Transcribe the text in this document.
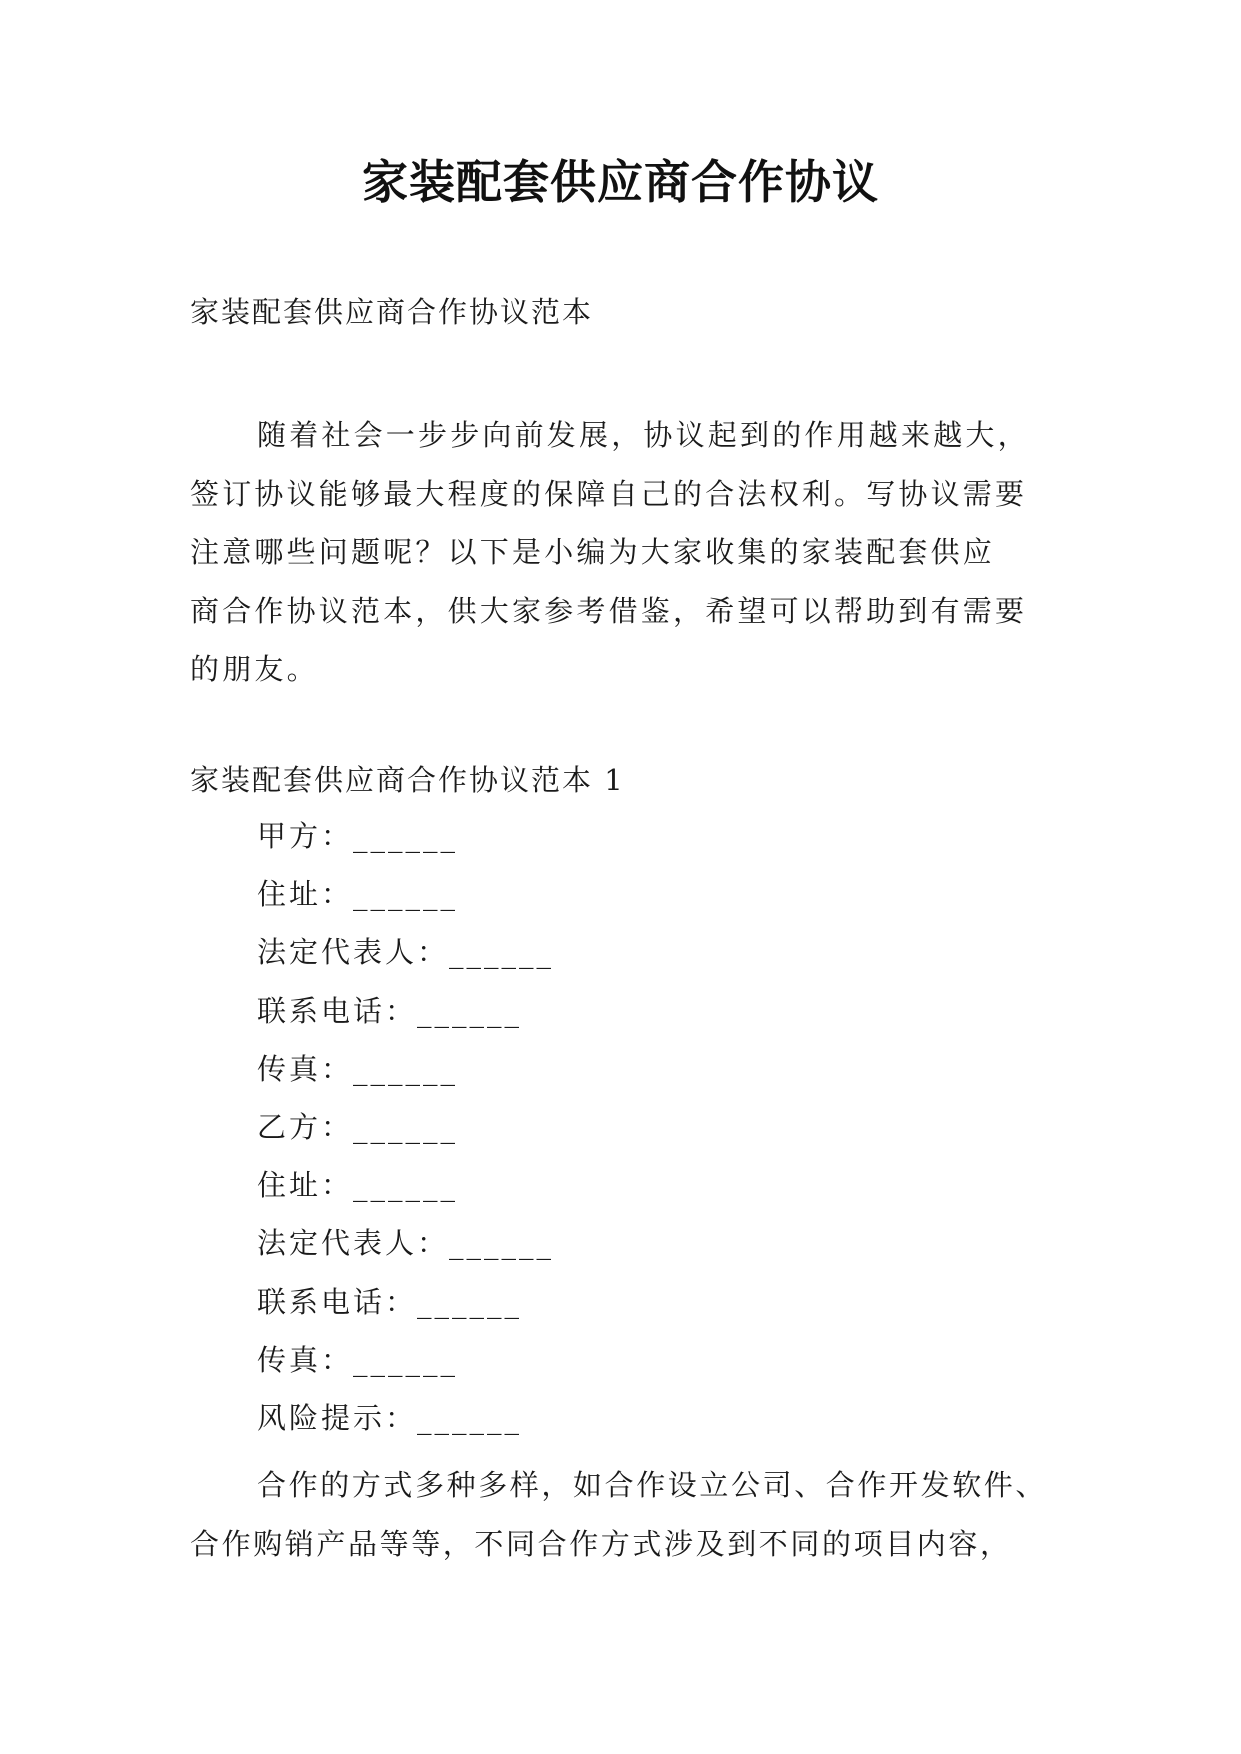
家装配套供应商合作协议
家装配套供应商合作协议范本
随着社会一步步向前发展，协议起到的作用越来越大，
签订协议能够最大程度的保障自己的合法权利。写协议需要
注意哪些问题呢？以下是小编为大家收集的家装配套供应
商合作协议范本，供大家参考借鉴，希望可以帮助到有需要
的朋友。
家装配套供应商合作协议范本 1
甲方：______
住址：______
法定代表人：______
联系电话：______
传真：______
乙方：______
住址：______
法定代表人：______
联系电话：______
传真：______
风险提示：______
合作的方式多种多样，如合作设立公司、合作开发软件、
合作购销产品等等，不同合作方式涉及到不同的项目内容，
